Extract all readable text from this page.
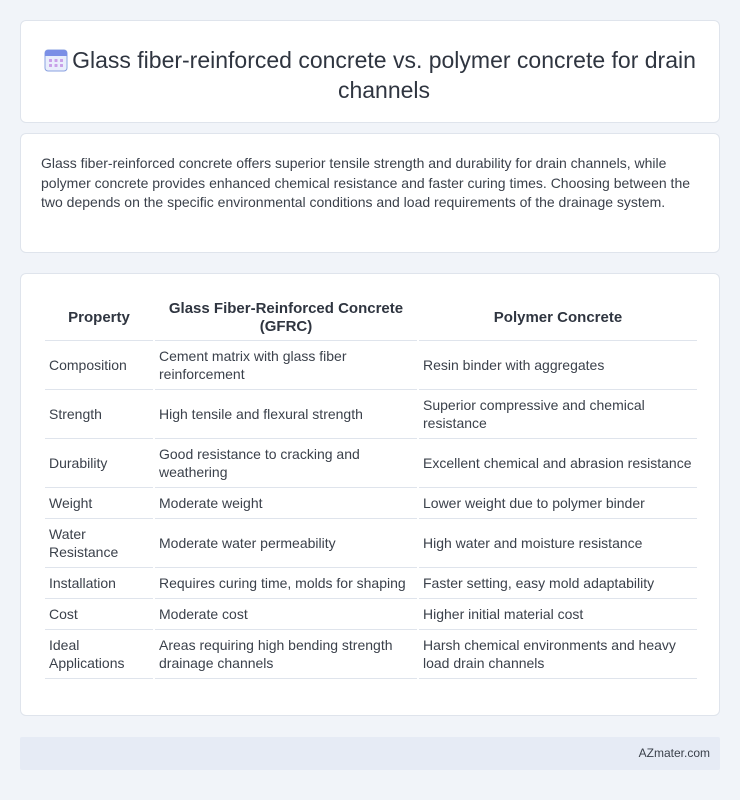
Glass fiber-reinforced concrete vs. polymer concrete for drain channels

Glass fiber-reinforced concrete offers superior tensile strength and durability for drain channels, while polymer concrete provides enhanced chemical resistance and faster curing times. Choosing between the two depends on the specific environmental conditions and load requirements of the drainage system.

Property	Glass Fiber-Reinforced Concrete (GFRC)	Polymer Concrete
Composition	Cement matrix with glass fiber reinforcement	Resin binder with aggregates
Strength	High tensile and flexural strength	Superior compressive and chemical resistance
Durability	Good resistance to cracking and weathering	Excellent chemical and abrasion resistance
Weight	Moderate weight	Lower weight due to polymer binder
Water Resistance	Moderate water permeability	High water and moisture resistance
Installation	Requires curing time, molds for shaping	Faster setting, easy mold adaptability
Cost	Moderate cost	Higher initial material cost
Ideal Applications	Areas requiring high bending strength drainage channels	Harsh chemical environments and heavy load drain channels
AZmater.com
